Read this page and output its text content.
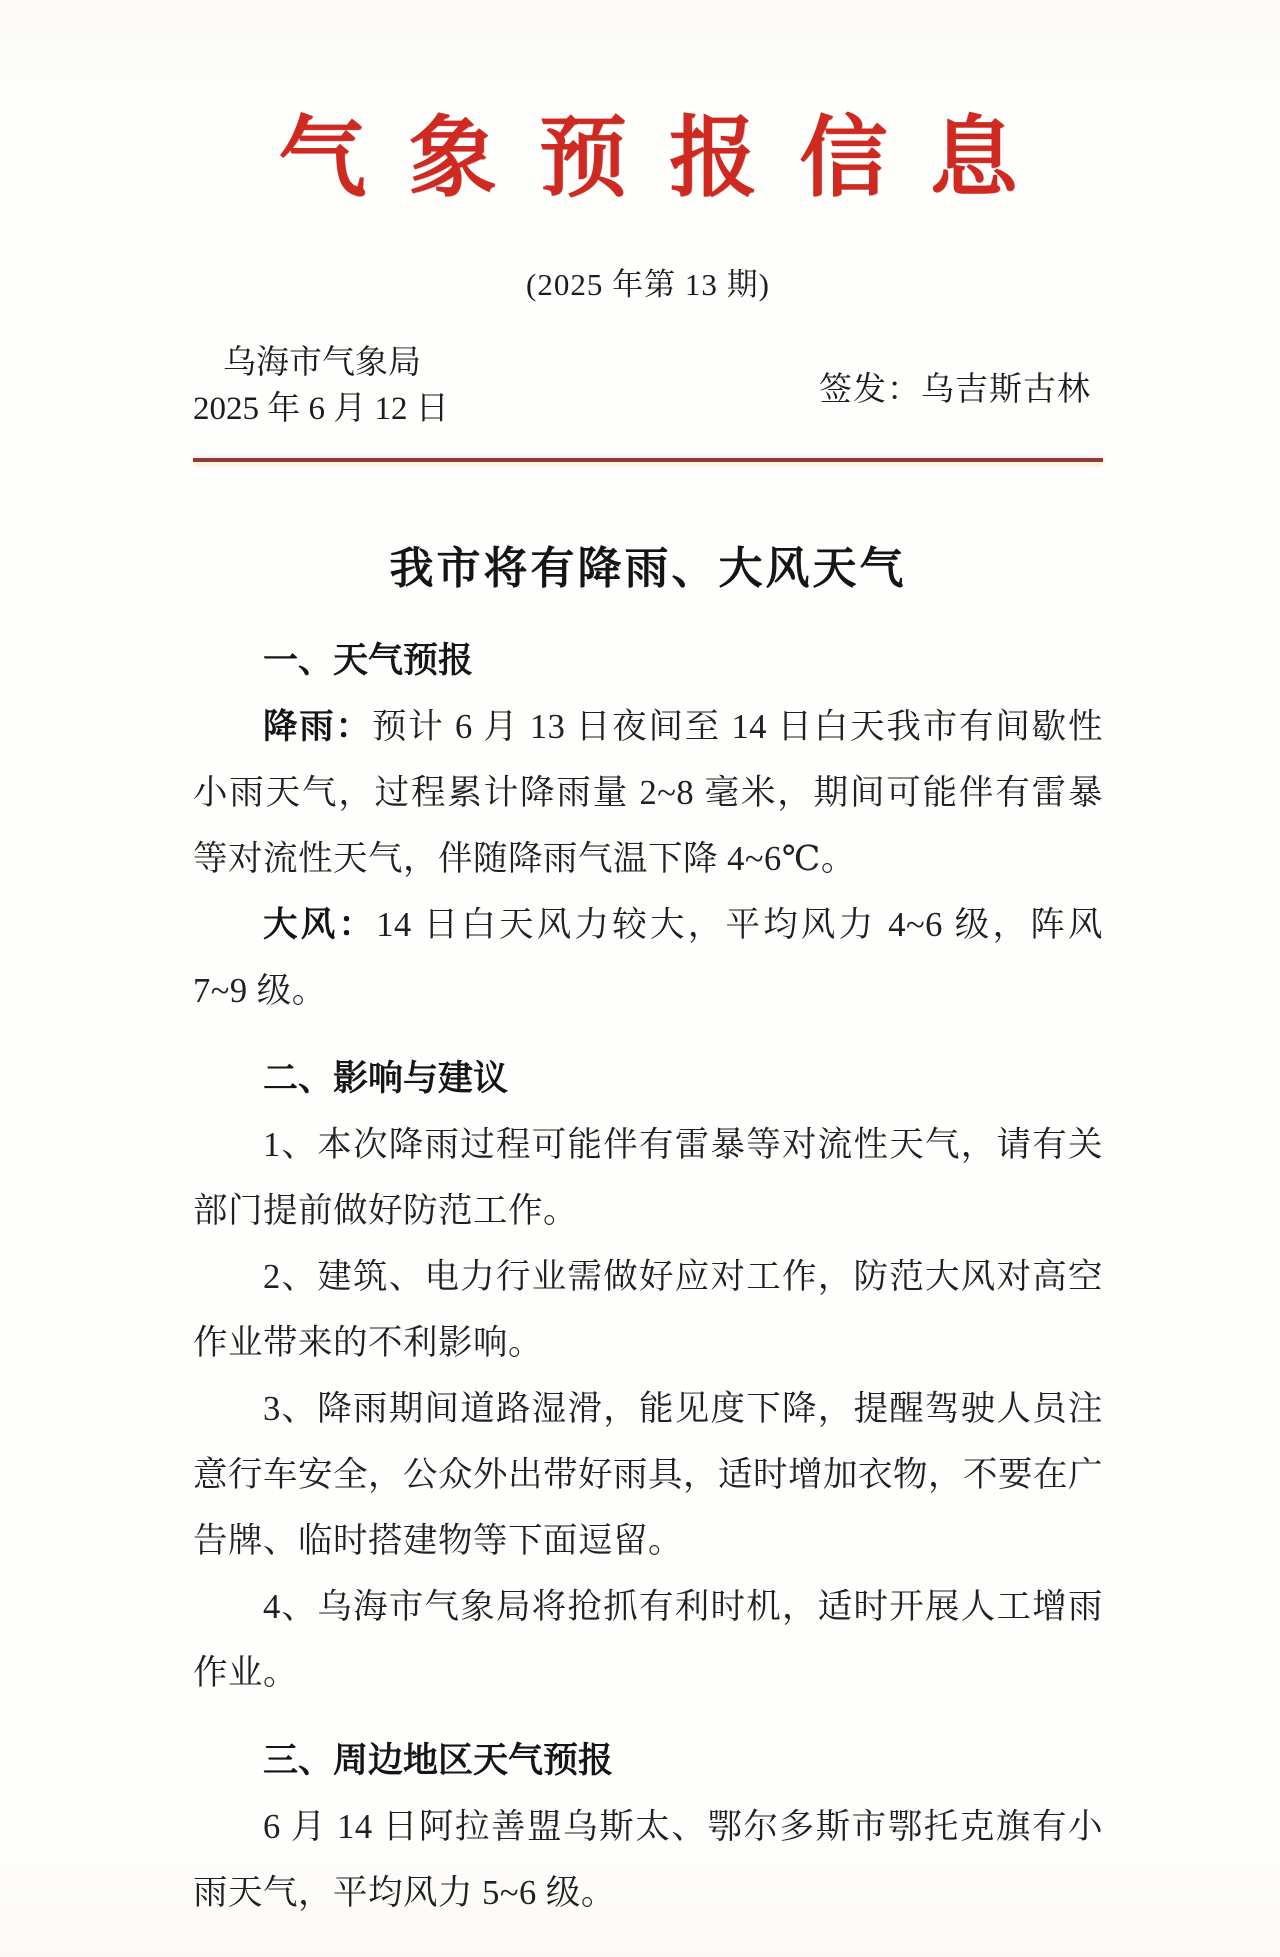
气象预报信息
(2025 年第 13 期)
乌海市气象局
2025 年 6 月 12 日
签发：乌吉斯古林
我市将有降雨、大风天气
一、天气预报

降雨：预计 6 月 13 日夜间至 14 日白天我市有间歇性小雨天气，过程累计降雨量 2~8 毫米，期间可能伴有雷暴等对流性天气，伴随降雨气温下降 4~6℃。

大风：14 日白天风力较大，平均风力 4~6 级，阵风 7~9 级。

二、影响与建议

1、本次降雨过程可能伴有雷暴等对流性天气，请有关部门提前做好防范工作。

2、建筑、电力行业需做好应对工作，防范大风对高空作业带来的不利影响。

3、降雨期间道路湿滑，能见度下降，提醒驾驶人员注意行车安全，公众外出带好雨具，适时增加衣物，不要在广告牌、临时搭建物等下面逗留。

4、乌海市气象局将抢抓有利时机，适时开展人工增雨作业。

三、周边地区天气预报

6 月 14 日阿拉善盟乌斯太、鄂尔多斯市鄂托克旗有小雨天气，平均风力 5~6 级。
